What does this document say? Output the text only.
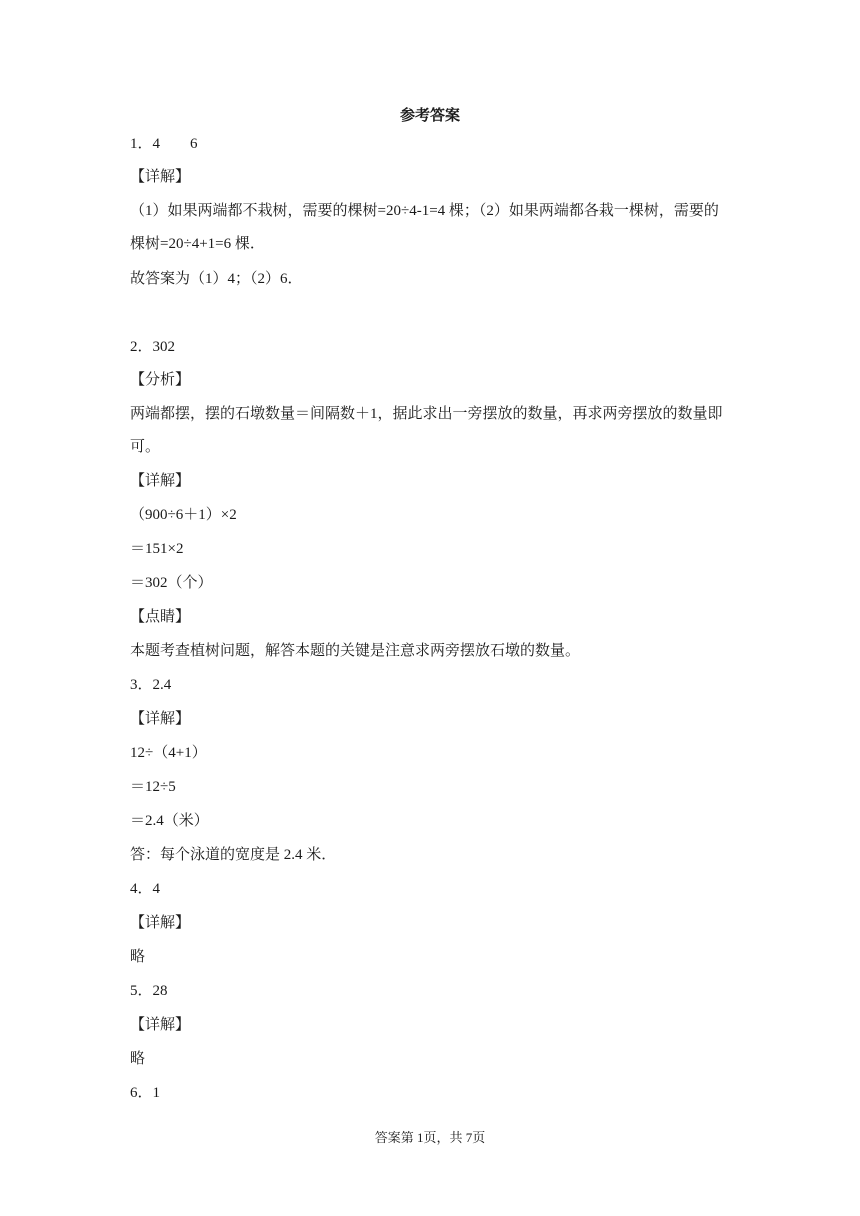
参考答案
1．4　　6
【详解】
（1）如果两端都不栽树，需要的棵树=20÷4-1=4 棵；（2）如果两端都各栽一棵树，需要的
棵树=20÷4+1=6 棵．
故答案为（1）4；（2）6．
2．302
【分析】
两端都摆，摆的石墩数量＝间隔数＋1，据此求出一旁摆放的数量，再求两旁摆放的数量即
可。
【详解】
（900÷6＋1）×2
＝151×2
＝302（个）
【点睛】
本题考查植树问题，解答本题的关键是注意求两旁摆放石墩的数量。
3．2.4
【详解】
12÷（4+1）
＝12÷5
＝2.4（米）
答：每个泳道的宽度是 2.4 米．
4．4
【详解】
略
5．28
【详解】
略
6．1
答案第 1页，共 7页
